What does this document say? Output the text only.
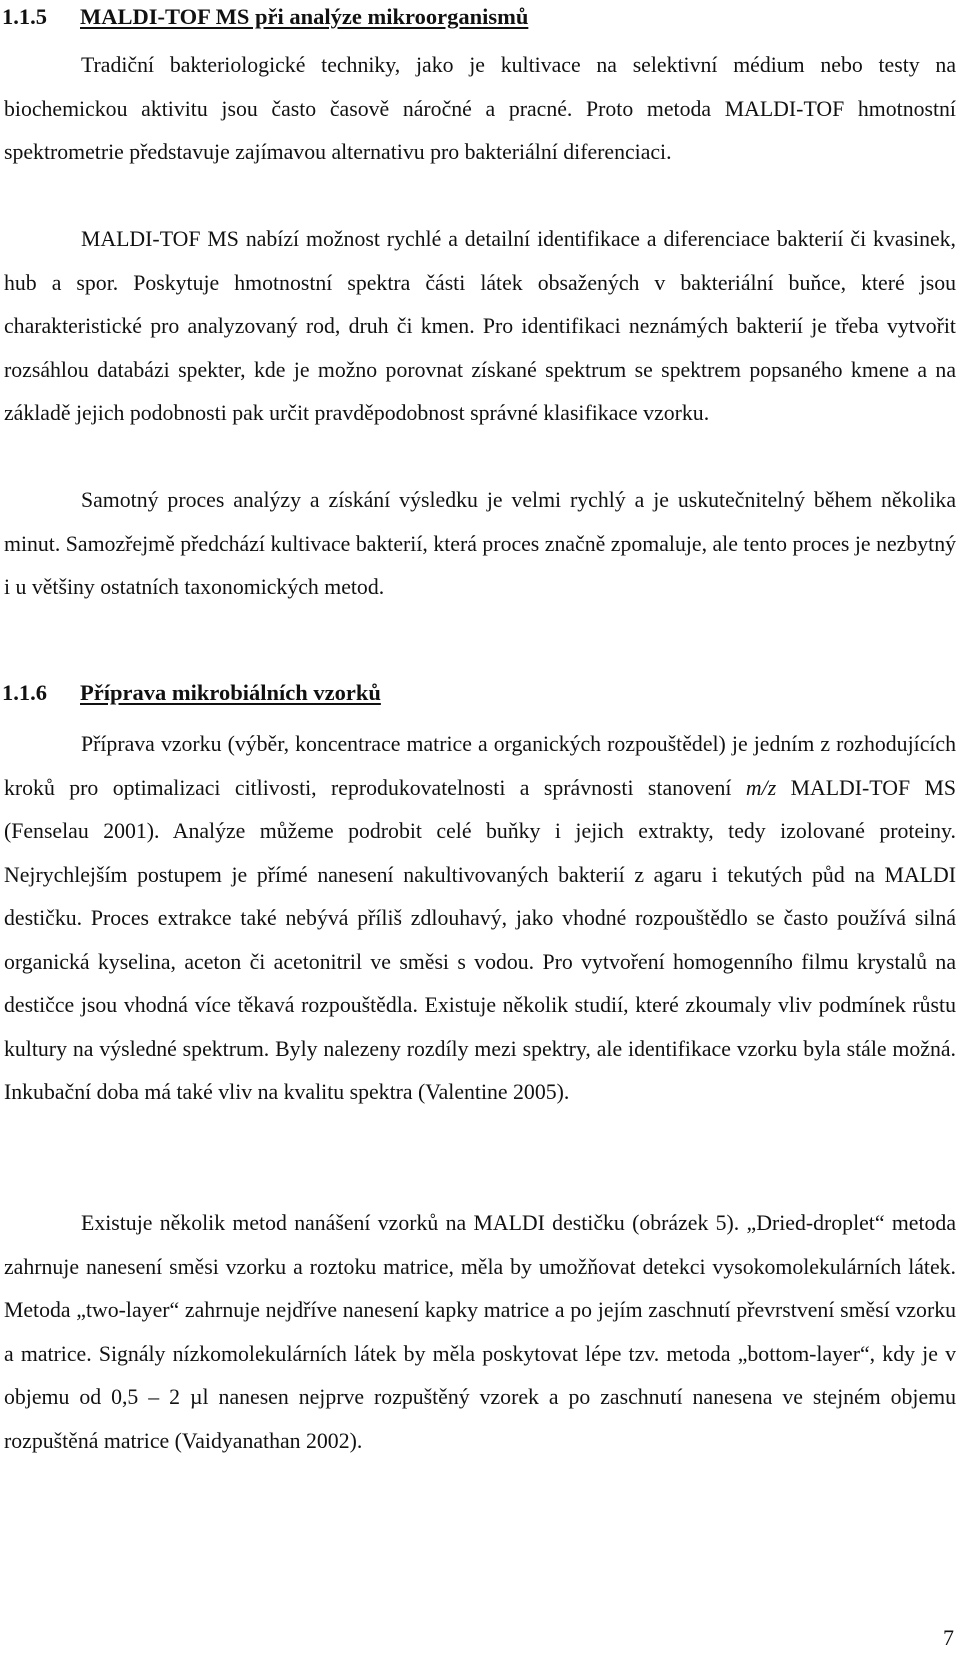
1.1.5 MALDI-TOF MS při analýze mikroorganismů

Tradiční bakteriologické techniky, jako je kultivace na selektivní médium nebo testy na biochemickou aktivitu jsou často časově náročné a pracné. Proto metoda MALDI-TOF hmotnostní spektrometrie představuje zajímavou alternativu pro bakteriální diferenciaci.

MALDI-TOF MS nabízí možnost rychlé a detailní identifikace a diferenciace bakterií či kvasinek, hub a spor. Poskytuje hmotnostní spektra části látek obsažených v bakteriální buňce, které jsou charakteristické pro analyzovaný rod, druh či kmen. Pro identifikaci neznámých bakterií je třeba vytvořit rozsáhlou databázi spekter, kde je možno porovnat získané spektrum se spektrem popsaného kmene a na základě jejich podobnosti pak určit pravděpodobnost správné klasifikace vzorku.

Samotný proces analýzy a získání výsledku je velmi rychlý a je uskutečnitelný během několika minut. Samozřejmě předchází kultivace bakterií, která proces značně zpomaluje, ale tento proces je nezbytný i u většiny ostatních taxonomických metod.

1.1.6 Příprava mikrobiálních vzorků

Příprava vzorku (výběr, koncentrace matrice a organických rozpouštědel) je jedním z rozhodujících kroků pro optimalizaci citlivosti, reprodukovatelnosti a správnosti stanovení m/z MALDI-TOF MS (Fenselau 2001). Analýze můžeme podrobit celé buňky i jejich extrakty, tedy izolované proteiny. Nejrychlejším postupem je přímé nanesení nakultivovaných bakterií z agaru i tekutých půd na MALDI destičku. Proces extrakce také nebývá příliš zdlouhavý, jako vhodné rozpouštědlo se často používá silná organická kyselina, aceton či acetonitril ve směsi s vodou. Pro vytvoření homogenního filmu krystalů na destičce jsou vhodná více těkavá rozpouštědla. Existuje několik studií, které zkoumaly vliv podmínek růstu kultury na výsledné spektrum. Byly nalezeny rozdíly mezi spektry, ale identifikace vzorku byla stále možná. Inkubační doba má také vliv na kvalitu spektra (Valentine 2005).

Existuje několik metod nanášení vzorků na MALDI destičku (obrázek 5). „Dried-droplet“ metoda zahrnuje nanesení směsi vzorku a roztoku matrice, měla by umožňovat detekci vysokomolekulárních látek. Metoda „two-layer“ zahrnuje nejdříve nanesení kapky matrice a po jejím zaschnutí převrstvení směsí vzorku a matrice. Signály nízkomolekulárních látek by měla poskytovat lépe tzv. metoda „bottom-layer“, kdy je v objemu od 0,5 – 2 µl nanesen nejprve rozpuštěný vzorek a po zaschnutí nanesena ve stejném objemu rozpuštěná matrice (Vaidyanathan 2002).

7
